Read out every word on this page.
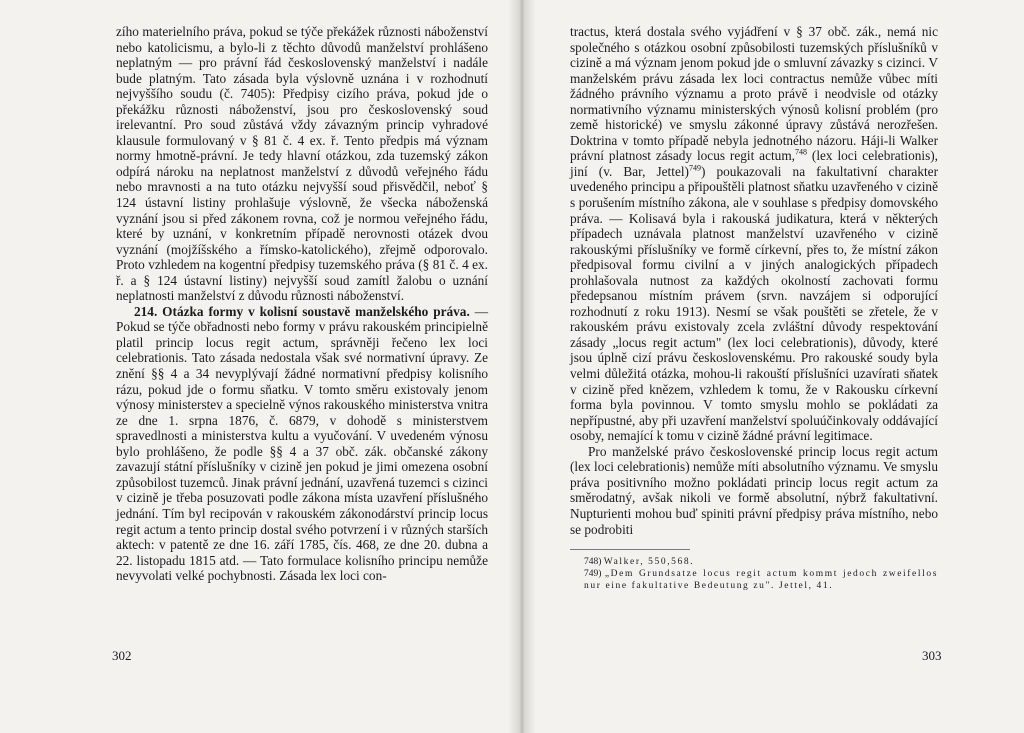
zího materielního práva, pokud se týče překážek různosti náboženství nebo katolicismu, a bylo-li z těchto důvodů manželství prohlášeno neplatným — pro právní řád československý manželství i nadále bude platným. Tato zásada byla výslovně uznána i v rozhodnutí nejvyššího soudu (č. 7405): Předpisy cizího práva, pokud jde o překážku různosti náboženství, jsou pro československý soud irelevantní. Pro soud zůstává vždy závazným princip vyhradové klausule formulovaný v § 81 č. 4 ex. ř. Tento předpis má význam normy hmotně-právní. Je tedy hlavní otázkou, zda tuzemský zákon odpírá nároku na neplatnost manželství z důvodů veřejného řádu nebo mravnosti a na tuto otázku nejvyšší soud přisvědčil, neboť § 124 ústavní listiny prohlašuje výslovně, že všecka náboženská vyznání jsou si před zákonem rovna, což je normou veřejného řádu, které by uznání, v konkretním případě nerovnosti otázek dvou vyznání (mojžíšského a římsko-katolického), zřejmě odporovalo. Proto vzhledem na kogentní předpisy tuzemského práva (§ 81 č. 4 ex. ř. a § 124 ústavní listiny) nejvyšší soud zamítl žalobu o uznání neplatnosti manželství z důvodu různosti náboženství.

214. Otázka formy v kolisní soustavě manželského práva. — Pokud se týče obřadnosti nebo formy v právu rakouském principielně platil princip locus regit actum, správněji řečeno lex loci celebrationis. Tato zásada nedostala však své normativní úpravy. Ze znění §§ 4 a 34 nevyplývají žádné normativní předpisy kolisního rázu, pokud jde o formu sňatku. V tomto směru existovaly jenom výnosy ministerstev a specielně výnos rakouského ministerstva vnitra ze dne 1. srpna 1876, č. 6879, v dohodě s ministerstvem spravedlnosti a ministerstva kultu a vyučování. V uvedeném výnosu bylo prohlášeno, že podle §§ 4 a 37 obč. zák. občanské zákony zavazují státní příslušníky v cizině jen pokud je jimi omezena osobní způsobilost tuzemců. Jinak právní jednání, uzavřená tuzemci s cizinci v cizině je třeba posuzovati podle zákona místa uzavření příslušného jednání. Tím byl recipován v rakouském zákonodárství princip locus regit actum a tento princip dostal svého potvrzení i v různých starších aktech: v patentě ze dne 16. září 1785, čís. 468, ze dne 20. dubna a 22. listopadu 1815 atd. — Tato formulace kolisního principu nemůže nevyvolati velké pochybnosti. Zásada lex loci con-

302

tractus, která dostala svého vyjádření v § 37 obč. zák., nemá nic společného s otázkou osobní způsobilosti tuzemských příslušníků v cizině a má význam jenom pokud jde o smluvní závazky s cizinci. V manželském právu zásada lex loci contractus nemůže vůbec míti žádného právního významu a proto právě i neodvisle od otázky normativního významu ministerských výnosů kolisní problém (pro země historické) ve smyslu zákonné úpravy zůstává nerozřešen. Doktrina v tomto případě nebyla jednotného názoru. Háji-li Walker právní platnost zásady locus regit actum,$^{748}$ (lex loci celebrationis), jiní (v. Bar, Jettel)$^{749}$) poukazovali na fakultativní charakter uvedeného principu a připouštěli platnost sňatku uzavřeného v cizině s porušením místního zákona, ale v souhlase s předpisy domovského práva. — Kolisavá byla i rakouská judikatura, která v některých případech uznávala platnost manželství uzavřeného v cizině rakouskými příslušníky ve formě církevní, přes to, že místní zákon předpisoval formu civilní a v jiných analogických případech prohlašovala nutnost za každých okolností zachovati formu předepsanou místním právem (srvn. navzájem si odporující rozhodnutí z roku 1913). Nesmí se však pouštěti se zřetele, že v rakouském právu existovaly zcela zvláštní důvody respektování zásady „locus regit actum" (lex loci celebrationis), důvody, které jsou úplně cizí právu československému. Pro rakouské soudy byla velmi důležitá otázka, mohou-li rakouští příslušníci uzavírati sňatek v cizině před knězem, vzhledem k tomu, že v Rakousku církevní forma byla povinnou. V tomto smyslu mohlo se pokládati za nepřípustné, aby při uzavření manželství spoluúčinkovaly oddávající osoby, nemající k tomu v cizině žádné právní legitimace.

Pro manželské právo československé princip locus regit actum (lex loci celebrationis) nemůže míti absolutního významu. Ve smyslu práva positivního možno pokládati princip locus regit actum za směrodatný, avšak nikoli ve formě absolutní, nýbrž fakultativní. Nupturienti mohou buď spiniti právní předpisy práva místního, nebo se podrobiti

748) Walker, 550,568.

749) „Dem Grundsatze locus regit actum kommt jedoch zweifellos nur eine fakultative Bedeutung zu". Jettel, 41.

303
